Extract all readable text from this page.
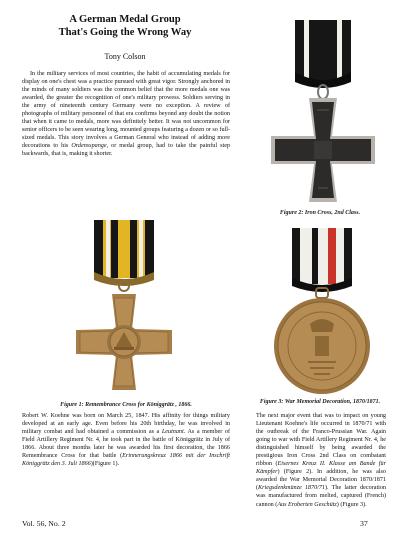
A German Medal Group
That's Going the Wrong Way
Tony Colson
In the military services of most countries, the habit of accumulating medals for display on one's chest was a practice pursued with great vigor. Strongly anchored in the minds of many soldiers was the common belief that the more medals one was awarded, the greater the recognition of one's military prowess. Soldiers serving in the army of nineteenth century Germany were no exception. A review of photographs of military personnel of that era confirms beyond any doubt the notion that when it came to medals, more was definitely better. It was not uncommon for senior officers to be seen wearing long, mounted groups featuring a dozen or so full-sized medals. This story involves a German General who instead of adding more decorations to his Ordensspange, or medal group, had to take the painful step backwards, that is, making it shorter.
Figure 2: Iron Cross, 2nd Class.
Figure 1: Remembrance Cross for Königgrätz , 1866.	Figure 3: War Memorial Decoration, 1870/1871.
Robert W. Koehne was born on March 25, 1847. His affinity for things military developed at an early age. Even before his 20th birthday, he was involved in military combat and had obtained a commission as a Leutnant. As a member of Field Artillery Regiment Nr. 4, he took part in the battle of Königgrätz in July of 1866. About three months later he was awarded his first decoration, the 1866 Remembrance Cross for that battle (Erinnerungskreuz 1866 mit der Inschrift Königgrätz den 3. Juli 1866)(Figure 1).
The next major event that was to impact on young Lieutenant Koehne's life occurred in 1870/71 with the outbreak of the Franco-Prussian War. Again going to war with Field Artillery Regiment Nr. 4, he distinguished himself by being awarded the prestigious Iron Cross 2nd Class on combatant ribbon (Eisernes Kreuz II. Klasse am Bande für Kämpfer) (Figure 2). In addition, he was also awarded the War Memorial Decoration 1870/1871 (Kriegsdenkmünze 1870/71). The latter decoration was manufactured from melted, captured (French) cannon (Aus Eroberten Geschütz) (Figure 3).
Vol. 56, No. 2	37
